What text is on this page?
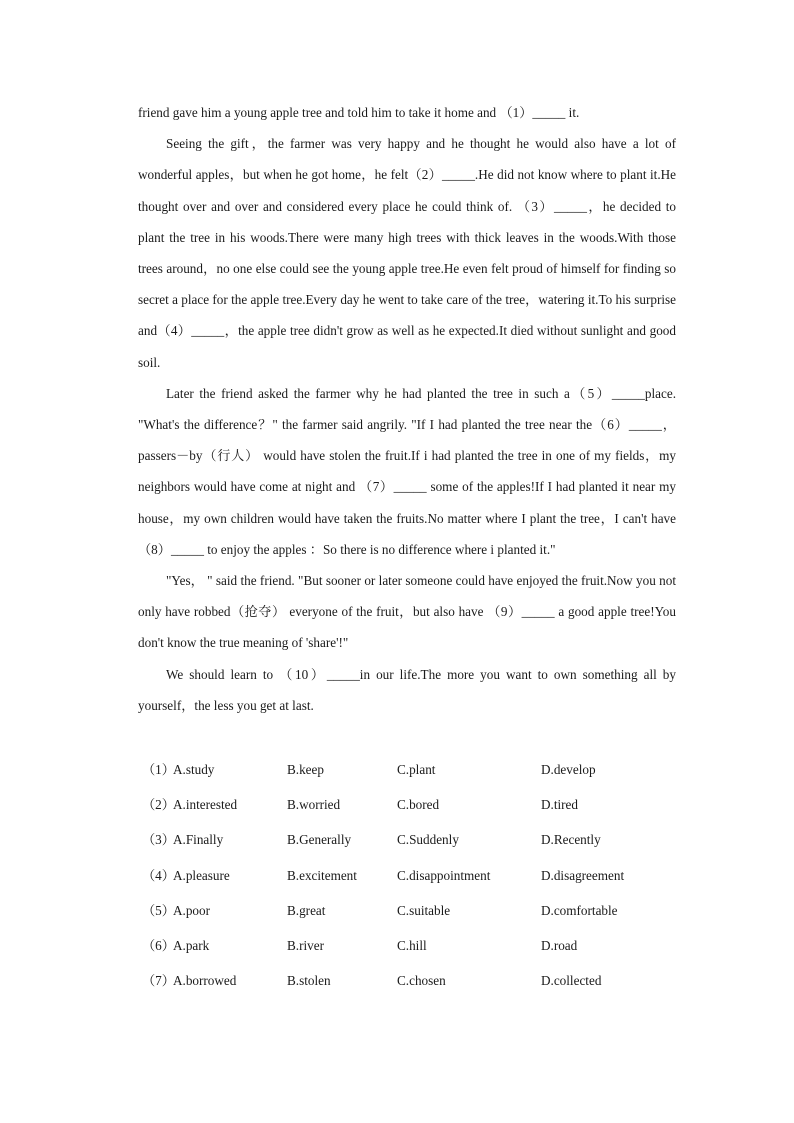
friend gave him a young apple tree and told him to take it home and （1）_____ it.

Seeing the gift，the farmer was very happy and he thought he would also have a lot of wonderful apples，but when he got home，he felt（2）_____.He did not know where to plant it.He thought over and over and considered every place he could think of. （3）_____，he decided to plant the tree in his woods.There were many high trees with thick leaves in the woods.With those trees around，no one else could see the young apple tree.He even felt proud of himself for finding so secret a place for the apple tree.Every day he went to take care of the tree，watering it.To his surprise and（4）_____，the apple tree didn't grow as well as he expected.It died without sunlight and good soil.

Later the friend asked the farmer why he had planted the tree in such a（5）_____place. "What's the difference？" the farmer said angrily. "If I had planted the tree near the（6）_____，passers－by（行人） would have stolen the fruit.If i had planted the tree in one of my fields，my neighbors would have come at night and （7）_____ some of the apples!If I had planted it near my house，my own children would have taken the fruits.No matter where I plant the tree，I can't have（8）_____ to enjoy the apples ：So there is no difference where i planted it."

"Yes， " said the friend. "But sooner or later someone could have enjoyed the fruit.Now you not only have robbed（抢夺） everyone of the fruit，but also have （9）_____ a good apple tree!You don't know the true meaning of 'share'!"

We should learn to （10）_____in our life.The more you want to own something all by yourself，the less you get at last.

（1）
A.study	B.keep	C.plant	D.develop
（2）
A.interested	B.worried	C.bored	D.tired
（3）
A.Finally	B.Generally	C.Suddenly	D.Recently
（4）
A.pleasure	B.excitement	C.disappointment	D.disagreement
（5）
A.poor	B.great	C.suitable	D.comfortable
（6）
A.park	B.river	C.hill	D.road
（7）
A.borrowed	B.stolen	C.chosen	D.collected
